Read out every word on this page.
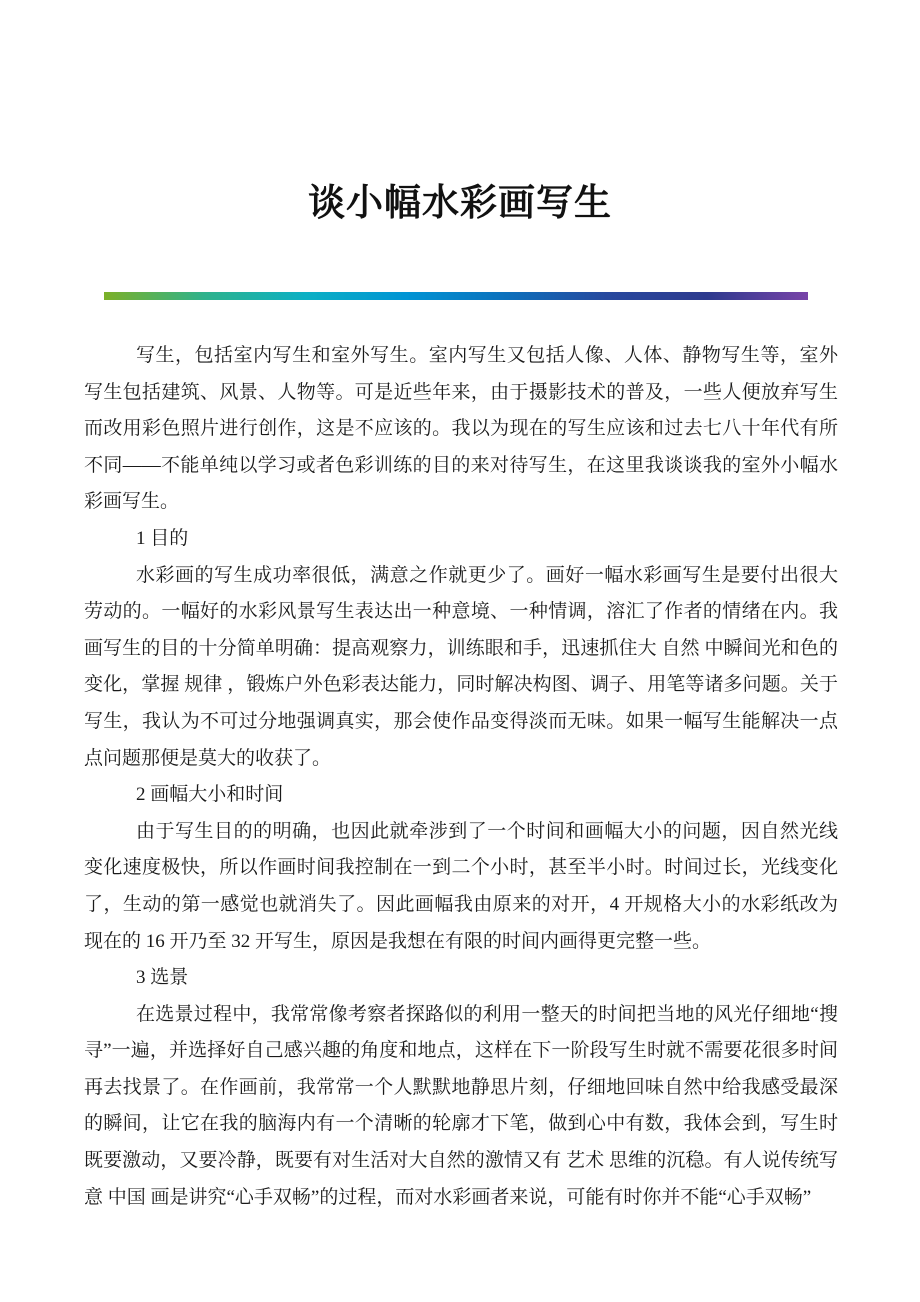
谈小幅水彩画写生

写生，包括室内写生和室外写生。室内写生又包括人像、人体、静物写生等，室外写生包括建筑、风景、人物等。可是近些年来，由于摄影技术的普及，一些人便放弃写生而改用彩色照片进行创作，这是不应该的。我以为现在的写生应该和过去七八十年代有所不同——不能单纯以学习或者色彩训练的目的来对待写生，在这里我谈谈我的室外小幅水彩画写生。

1 目的

水彩画的写生成功率很低，满意之作就更少了。画好一幅水彩画写生是要付出很大劳动的。一幅好的水彩风景写生表达出一种意境、一种情调，溶汇了作者的情绪在内。我画写生的目的十分简单明确：提高观察力，训练眼和手，迅速抓住大 自然 中瞬间光和色的变化，掌握 规律 ，锻炼户外色彩表达能力，同时解决构图、调子、用笔等诸多问题。关于写生，我认为不可过分地强调真实，那会使作品变得淡而无味。如果一幅写生能解决一点点问题那便是莫大的收获了。

2 画幅大小和时间

由于写生目的的明确，也因此就牵涉到了一个时间和画幅大小的问题，因自然光线变化速度极快，所以作画时间我控制在一到二个小时，甚至半小时。时间过长，光线变化了，生动的第一感觉也就消失了。因此画幅我由原来的对开，4 开规格大小的水彩纸改为现在的 16 开乃至 32 开写生，原因是我想在有限的时间内画得更完整一些。

3 选景

在选景过程中，我常常像考察者探路似的利用一整天的时间把当地的风光仔细地“搜寻”一遍，并选择好自己感兴趣的角度和地点，这样在下一阶段写生时就不需要花很多时间再去找景了。在作画前，我常常一个人默默地静思片刻，仔细地回味自然中给我感受最深的瞬间，让它在我的脑海内有一个清晰的轮廓才下笔，做到心中有数，我体会到，写生时既要激动，又要冷静，既要有对生活对大自然的激情又有 艺术 思维的沉稳。有人说传统写意 中国 画是讲究“心手双畅”的过程，而对水彩画者来说，可能有时你并不能“心手双畅”
